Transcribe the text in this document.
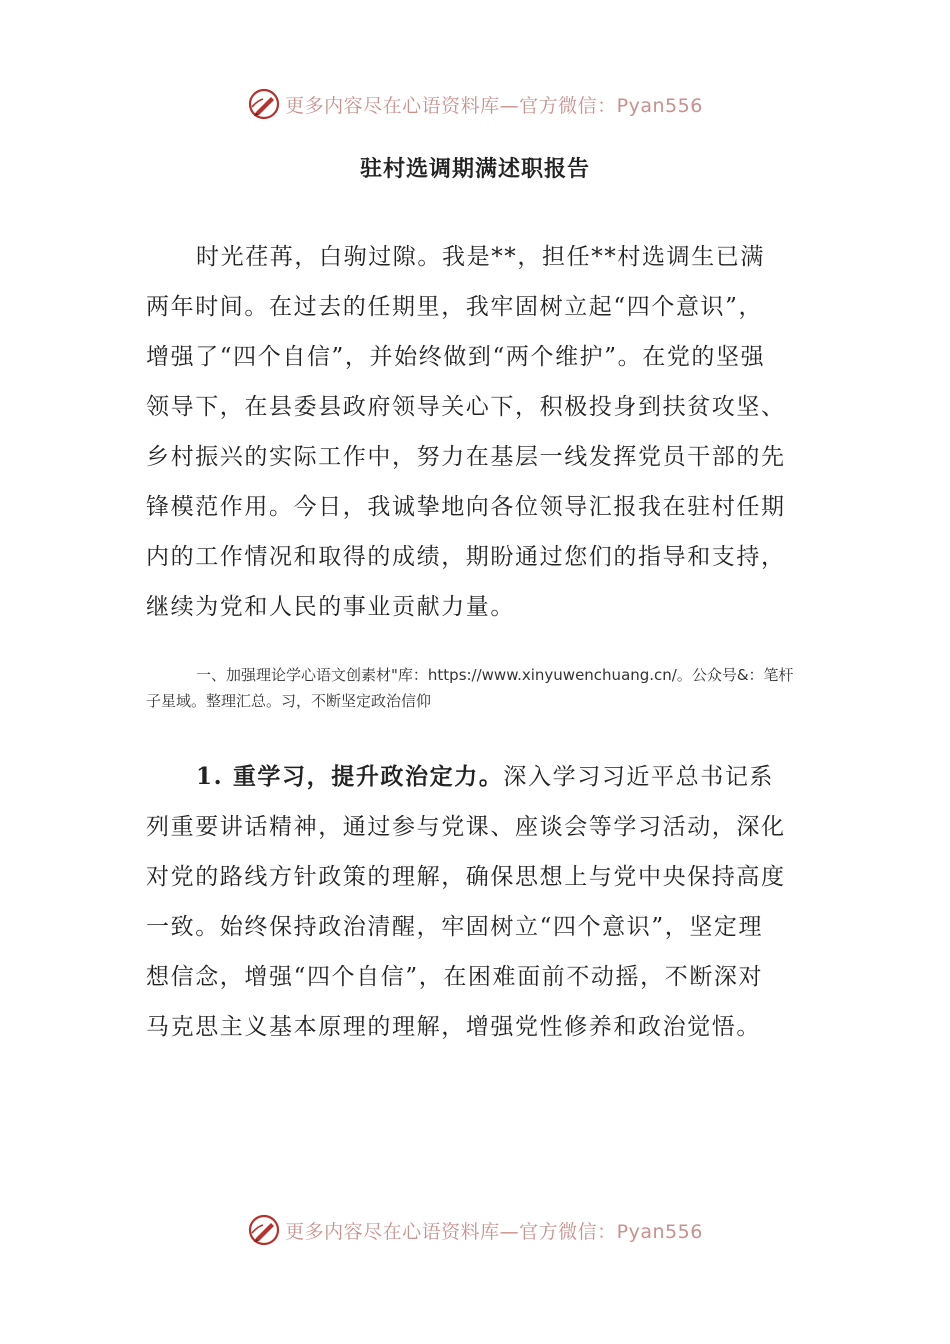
更多内容尽在心语资料库—官方微信：Pyan556
驻村选调期满述职报告

时光荏苒，白驹过隙。我是**，担任**村选调生已满两年时间。在过去的任期里，我牢固树立起“四个意识”，增强了“四个自信”，并始终做到“两个维护”。在党的坚强领导下，在县委县政府领导关心下，积极投身到扶贫攻坚、乡村振兴的实际工作中，努力在基层一线发挥党员干部的先锋模范作用。今日，我诚挚地向各位领导汇报我在驻村任期内的工作情况和取得的成绩，期盼通过您们的指导和支持，继续为党和人民的事业贡献力量。

一、加强理论学心语文创素材"库：https://www.xinyuwenchuang.cn/。公众号&：笔杆子星域。整理汇总。习，不断坚定政治信仰

1. 重学习，提升政治定力。深入学习习近平总书记系列重要讲话精神，通过参与党课、座谈会等学习活动，深化对党的路线方针政策的理解，确保思想上与党中央保持高度一致。始终保持政治清醒，牢固树立“四个意识”，坚定理想信念，增强“四个自信”，在困难面前不动摇，不断深对马克思主义基本原理的理解，增强党性修养和政治觉悟。

更多内容尽在心语资料库—官方微信：Pyan556
